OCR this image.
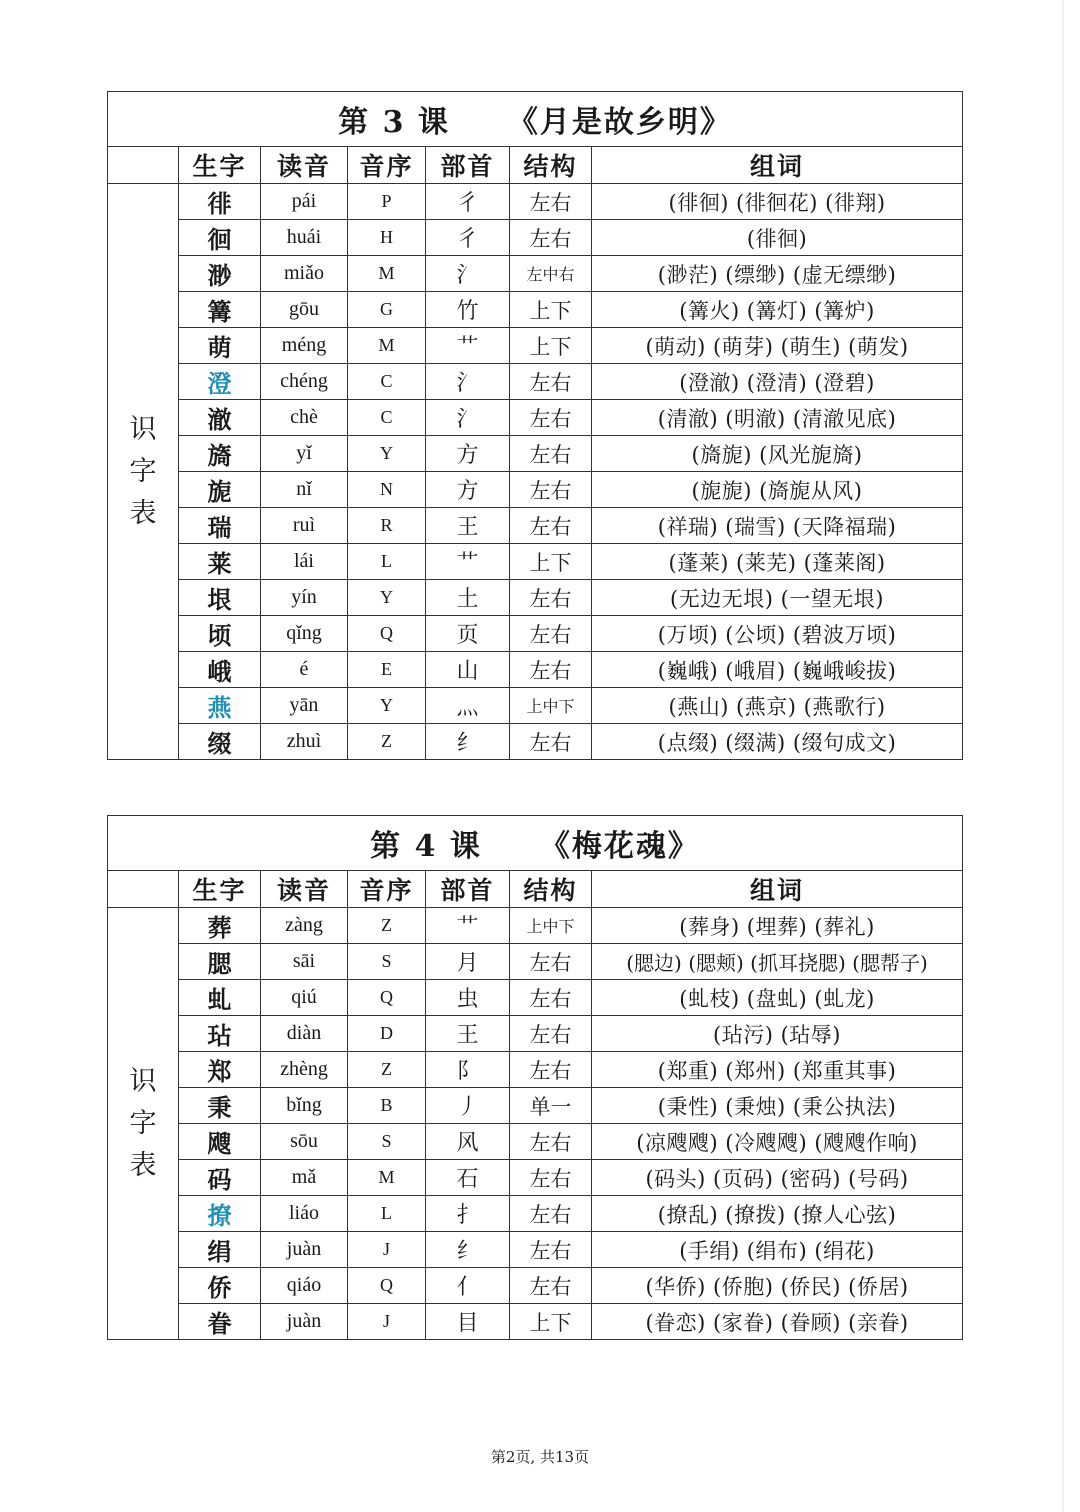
第 3 课 《月是故乡明》						
	生字	读音	音序	部首	结构	组词

识
字
表	徘	pái	P	彳	左右	(徘徊) (徘徊花) (徘翔)
	徊	huái	H	彳	左右	(徘徊)
	渺	miǎo	M	氵	左中右	(渺茫) (缥缈) (虚无缥缈)
	篝	gōu	G	竹	上下	(篝火) (篝灯) (篝炉)
	萌	méng	M	艹	上下	(萌动) (萌芽) (萌生) (萌发)
	澄	chéng	C	氵	左右	(澄澈) (澄清) (澄碧)
	澈	chè	C	氵	左右	(清澈) (明澈) (清澈见底)
	旖	yǐ	Y	方	左右	(旖旎) (风光旎旖)
	旎	nǐ	N	方	左右	(旎旎) (旖旎从风)
	瑞	ruì	R	王	左右	(祥瑞) (瑞雪) (天降福瑞)
	莱	lái	L	艹	上下	(蓬莱) (莱芜) (蓬莱阁)
	垠	yín	Y	土	左右	(无边无垠) (一望无垠)
	顷	qǐng	Q	页	左右	(万顷) (公顷) (碧波万顷)
	峨	é	E	山	左右	(巍峨) (峨眉) (巍峨峻拔)
	燕	yān	Y	灬	上中下	(燕山) (燕京) (燕歌行)
	缀	zhuì	Z	纟	左右	(点缀) (缀满) (缀句成文)
第 4 课 《梅花魂》						
	生字	读音	音序	部首	结构	组词

识
字
表	葬	zàng	Z	艹	上中下	(葬身) (埋葬) (葬礼)
	腮	sāi	S	月	左右	(腮边) (腮颊) (抓耳挠腮) (腮帮子)
	虬	qiú	Q	虫	左右	(虬枝) (盘虬) (虬龙)
	玷	diàn	D	王	左右	(玷污) (玷辱)
	郑	zhèng	Z	阝	左右	(郑重) (郑州) (郑重其事)
	秉	bǐng	B	丿	单一	(秉性) (秉烛) (秉公执法)
	飕	sōu	S	风	左右	(凉飕飕) (冷飕飕) (飕飕作响)
	码	mǎ	M	石	左右	(码头) (页码) (密码) (号码)
	撩	liáo	L	扌	左右	(撩乱) (撩拨) (撩人心弦)
	绢	juàn	J	纟	左右	(手绢) (绢布) (绢花)
	侨	qiáo	Q	亻	左右	(华侨) (侨胞) (侨民) (侨居)
	眷	juàn	J	目	上下	(眷恋) (家眷) (眷顾) (亲眷)
第2页, 共13页
